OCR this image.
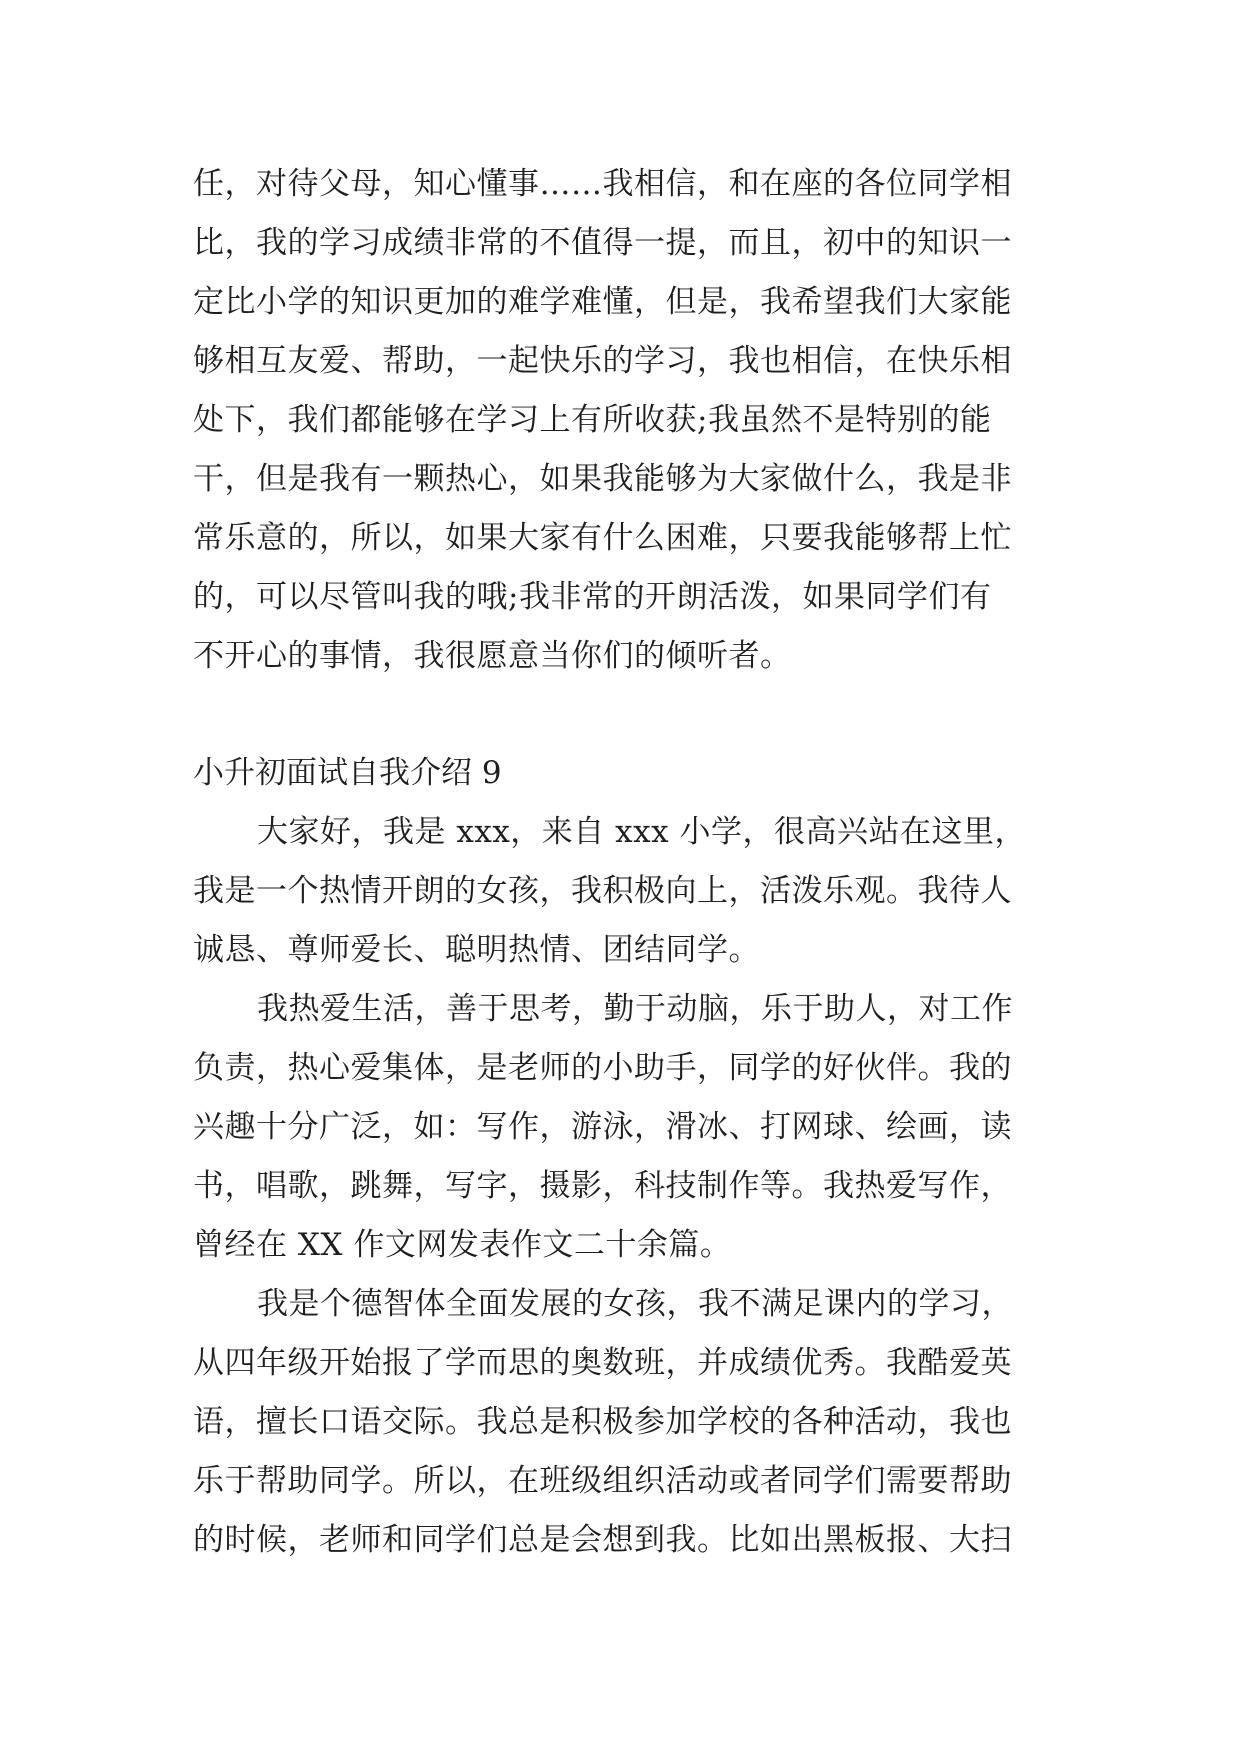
任，对待父母，知心懂事……我相信，和在座的各位同学相
比，我的学习成绩非常的不值得一提，而且，初中的知识一
定比小学的知识更加的难学难懂，但是，我希望我们大家能
够相互友爱、帮助，一起快乐的学习，我也相信，在快乐相
处下，我们都能够在学习上有所收获;我虽然不是特别的能
干，但是我有一颗热心，如果我能够为大家做什么，我是非
常乐意的，所以，如果大家有什么困难，只要我能够帮上忙
的，可以尽管叫我的哦;我非常的开朗活泼，如果同学们有
不开心的事情，我很愿意当你们的倾听者。
小升初面试自我介绍 9
大家好，我是 xxx，来自 xxx 小学，很高兴站在这里，
我是一个热情开朗的女孩，我积极向上，活泼乐观。我待人
诚恳、尊师爱长、聪明热情、团结同学。
我热爱生活，善于思考，勤于动脑，乐于助人，对工作
负责，热心爱集体，是老师的小助手，同学的好伙伴。我的
兴趣十分广泛，如：写作，游泳，滑冰、打网球、绘画，读
书，唱歌，跳舞，写字，摄影，科技制作等。我热爱写作，
曾经在 XX 作文网发表作文二十余篇。
我是个德智体全面发展的女孩，我不满足课内的学习，
从四年级开始报了学而思的奥数班，并成绩优秀。我酷爱英
语，擅长口语交际。我总是积极参加学校的各种活动，我也
乐于帮助同学。所以，在班级组织活动或者同学们需要帮助
的时候，老师和同学们总是会想到我。比如出黑板报、大扫
